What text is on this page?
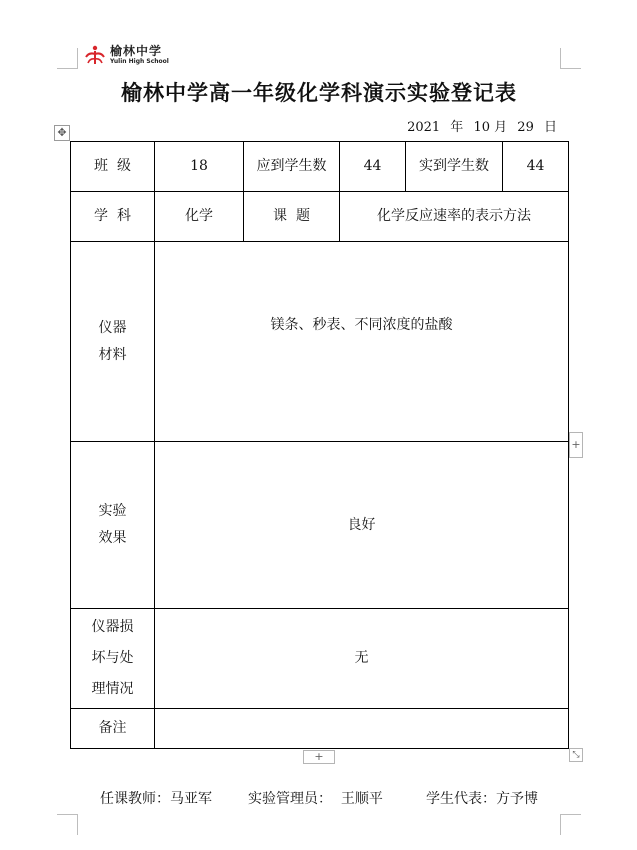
榆林中学
Yulin High School
榆林中学高一年级化学科演示实验登记表
2021 年 10 月 29 日
✥
班  级	18	应到学生数	44	实到学生数	44
学  科	化学	课  题	化学反应速率的表示方法		

仪器
材料	镁条、秒表、不同浓度的盐酸				

实验
效果	良好				

仪器损
坏与处
理情况	无				
备注					
+
+	⤡
任课教师：马亚军	实验管理员：  王顺平	学生代表：方予博
